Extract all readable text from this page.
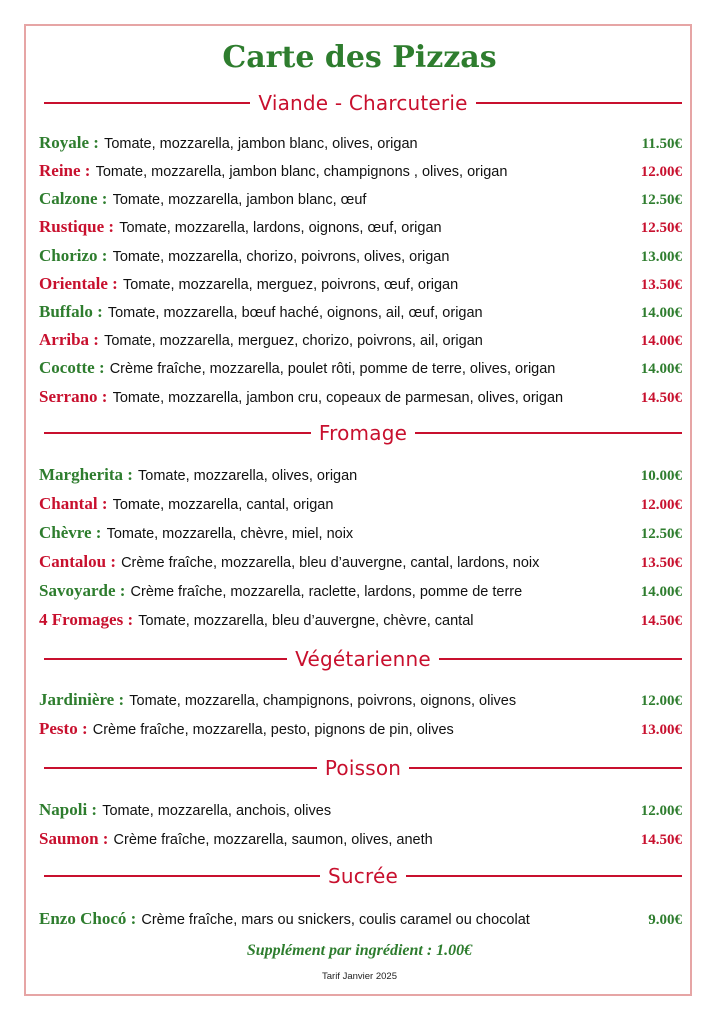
Carte des Pizzas
Viande - Charcuterie
Royale :
Tomate, mozzarella, jambon blanc, olives, origan	11.50€
Reine :
Tomate, mozzarella, jambon blanc, champignons , olives, origan	12.00€
Calzone :
Tomate, mozzarella, jambon blanc, œuf	12.50€
Rustique :
Tomate, mozzarella, lardons, oignons, œuf, origan	12.50€
Chorizo :
Tomate, mozzarella, chorizo, poivrons, olives, origan	13.00€
Orientale :
Tomate, mozzarella, merguez, poivrons, œuf, origan	13.50€
Buffalo :
Tomate, mozzarella, bœuf haché, oignons, ail, œuf, origan	14.00€
Arriba :
Tomate, mozzarella, merguez, chorizo, poivrons, ail, origan	14.00€
Cocotte :
Crème fraîche, mozzarella, poulet rôti, pomme de terre, olives, origan	14.00€
Serrano :
Tomate, mozzarella, jambon cru, copeaux de parmesan, olives, origan	14.50€
Fromage
Margherita :
Tomate, mozzarella, olives, origan	10.00€
Chantal :
Tomate, mozzarella, cantal, origan	12.00€
Chèvre :
Tomate, mozzarella, chèvre, miel, noix	12.50€
Cantalou :
Crème fraîche, mozzarella, bleu d’auvergne, cantal, lardons, noix	13.50€
Savoyarde :
Crème fraîche, mozzarella, raclette, lardons, pomme de terre	14.00€
4 Fromages :
Tomate, mozzarella, bleu d’auvergne, chèvre, cantal	14.50€
Végétarienne
Jardinière :
Tomate, mozzarella, champignons, poivrons, oignons, olives	12.00€
Pesto :
Crème fraîche, mozzarella, pesto, pignons de pin, olives	13.00€
Poisson
Napoli :
Tomate, mozzarella, anchois, olives	12.00€
Saumon :
Crème fraîche, mozzarella, saumon, olives, aneth	14.50€
Sucrée
Enzo Chocó :
Crème fraîche, mars ou snickers, coulis caramel ou chocolat	9.00€
Supplément par ingrédient : 1.00€
Tarif Janvier 2025
